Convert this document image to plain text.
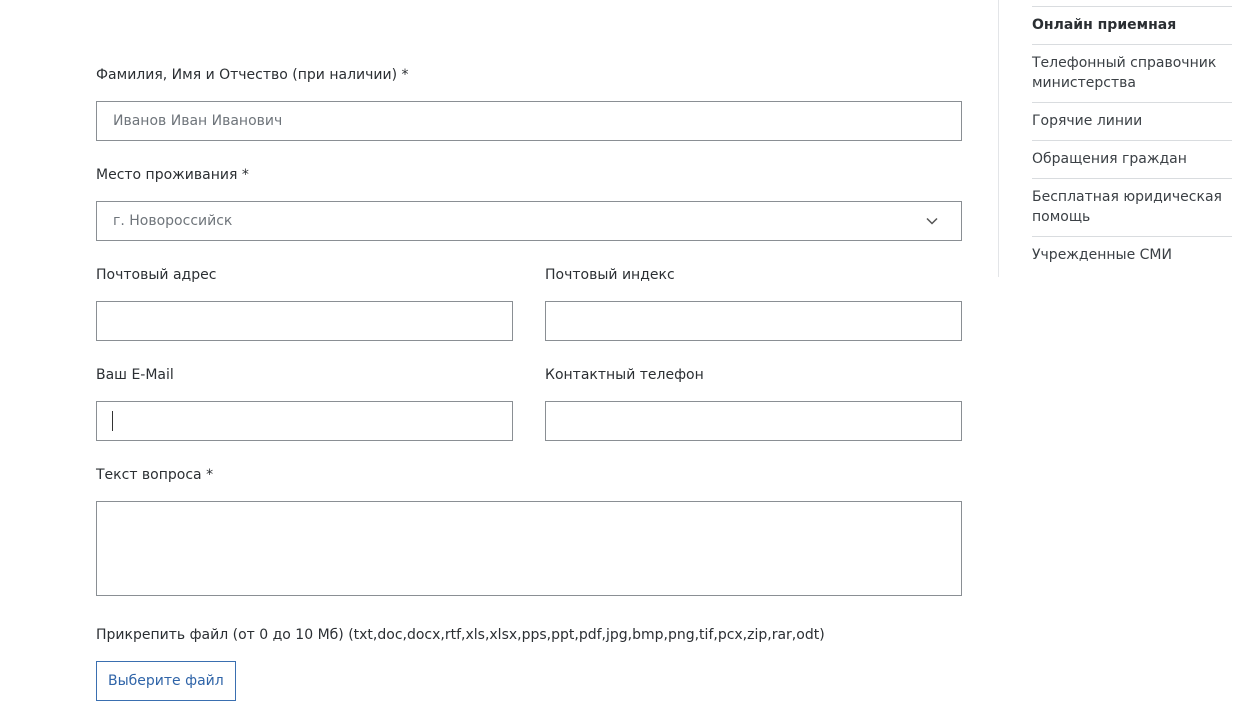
Фамилия, Имя и Отчество (при наличии) *
Иванов Иван Иванович
Место проживания *
г. Новороссийск
Почтовый адрес	Почтовый индекс
Ваш E-Mail	Контактный телефон
Текст вопроса *
Прикрепить файл (от 0 до 10 Мб) (txt,doc,docx,rtf,xls,xlsx,pps,ppt,pdf,jpg,bmp,png,tif,pcx,zip,rar,odt)
Выберите файл
Онлайн приемная
Телефонный справочник министерства
Горячие линии
Обращения граждан
Бесплатная юридическая помощь
Учрежденные СМИ
